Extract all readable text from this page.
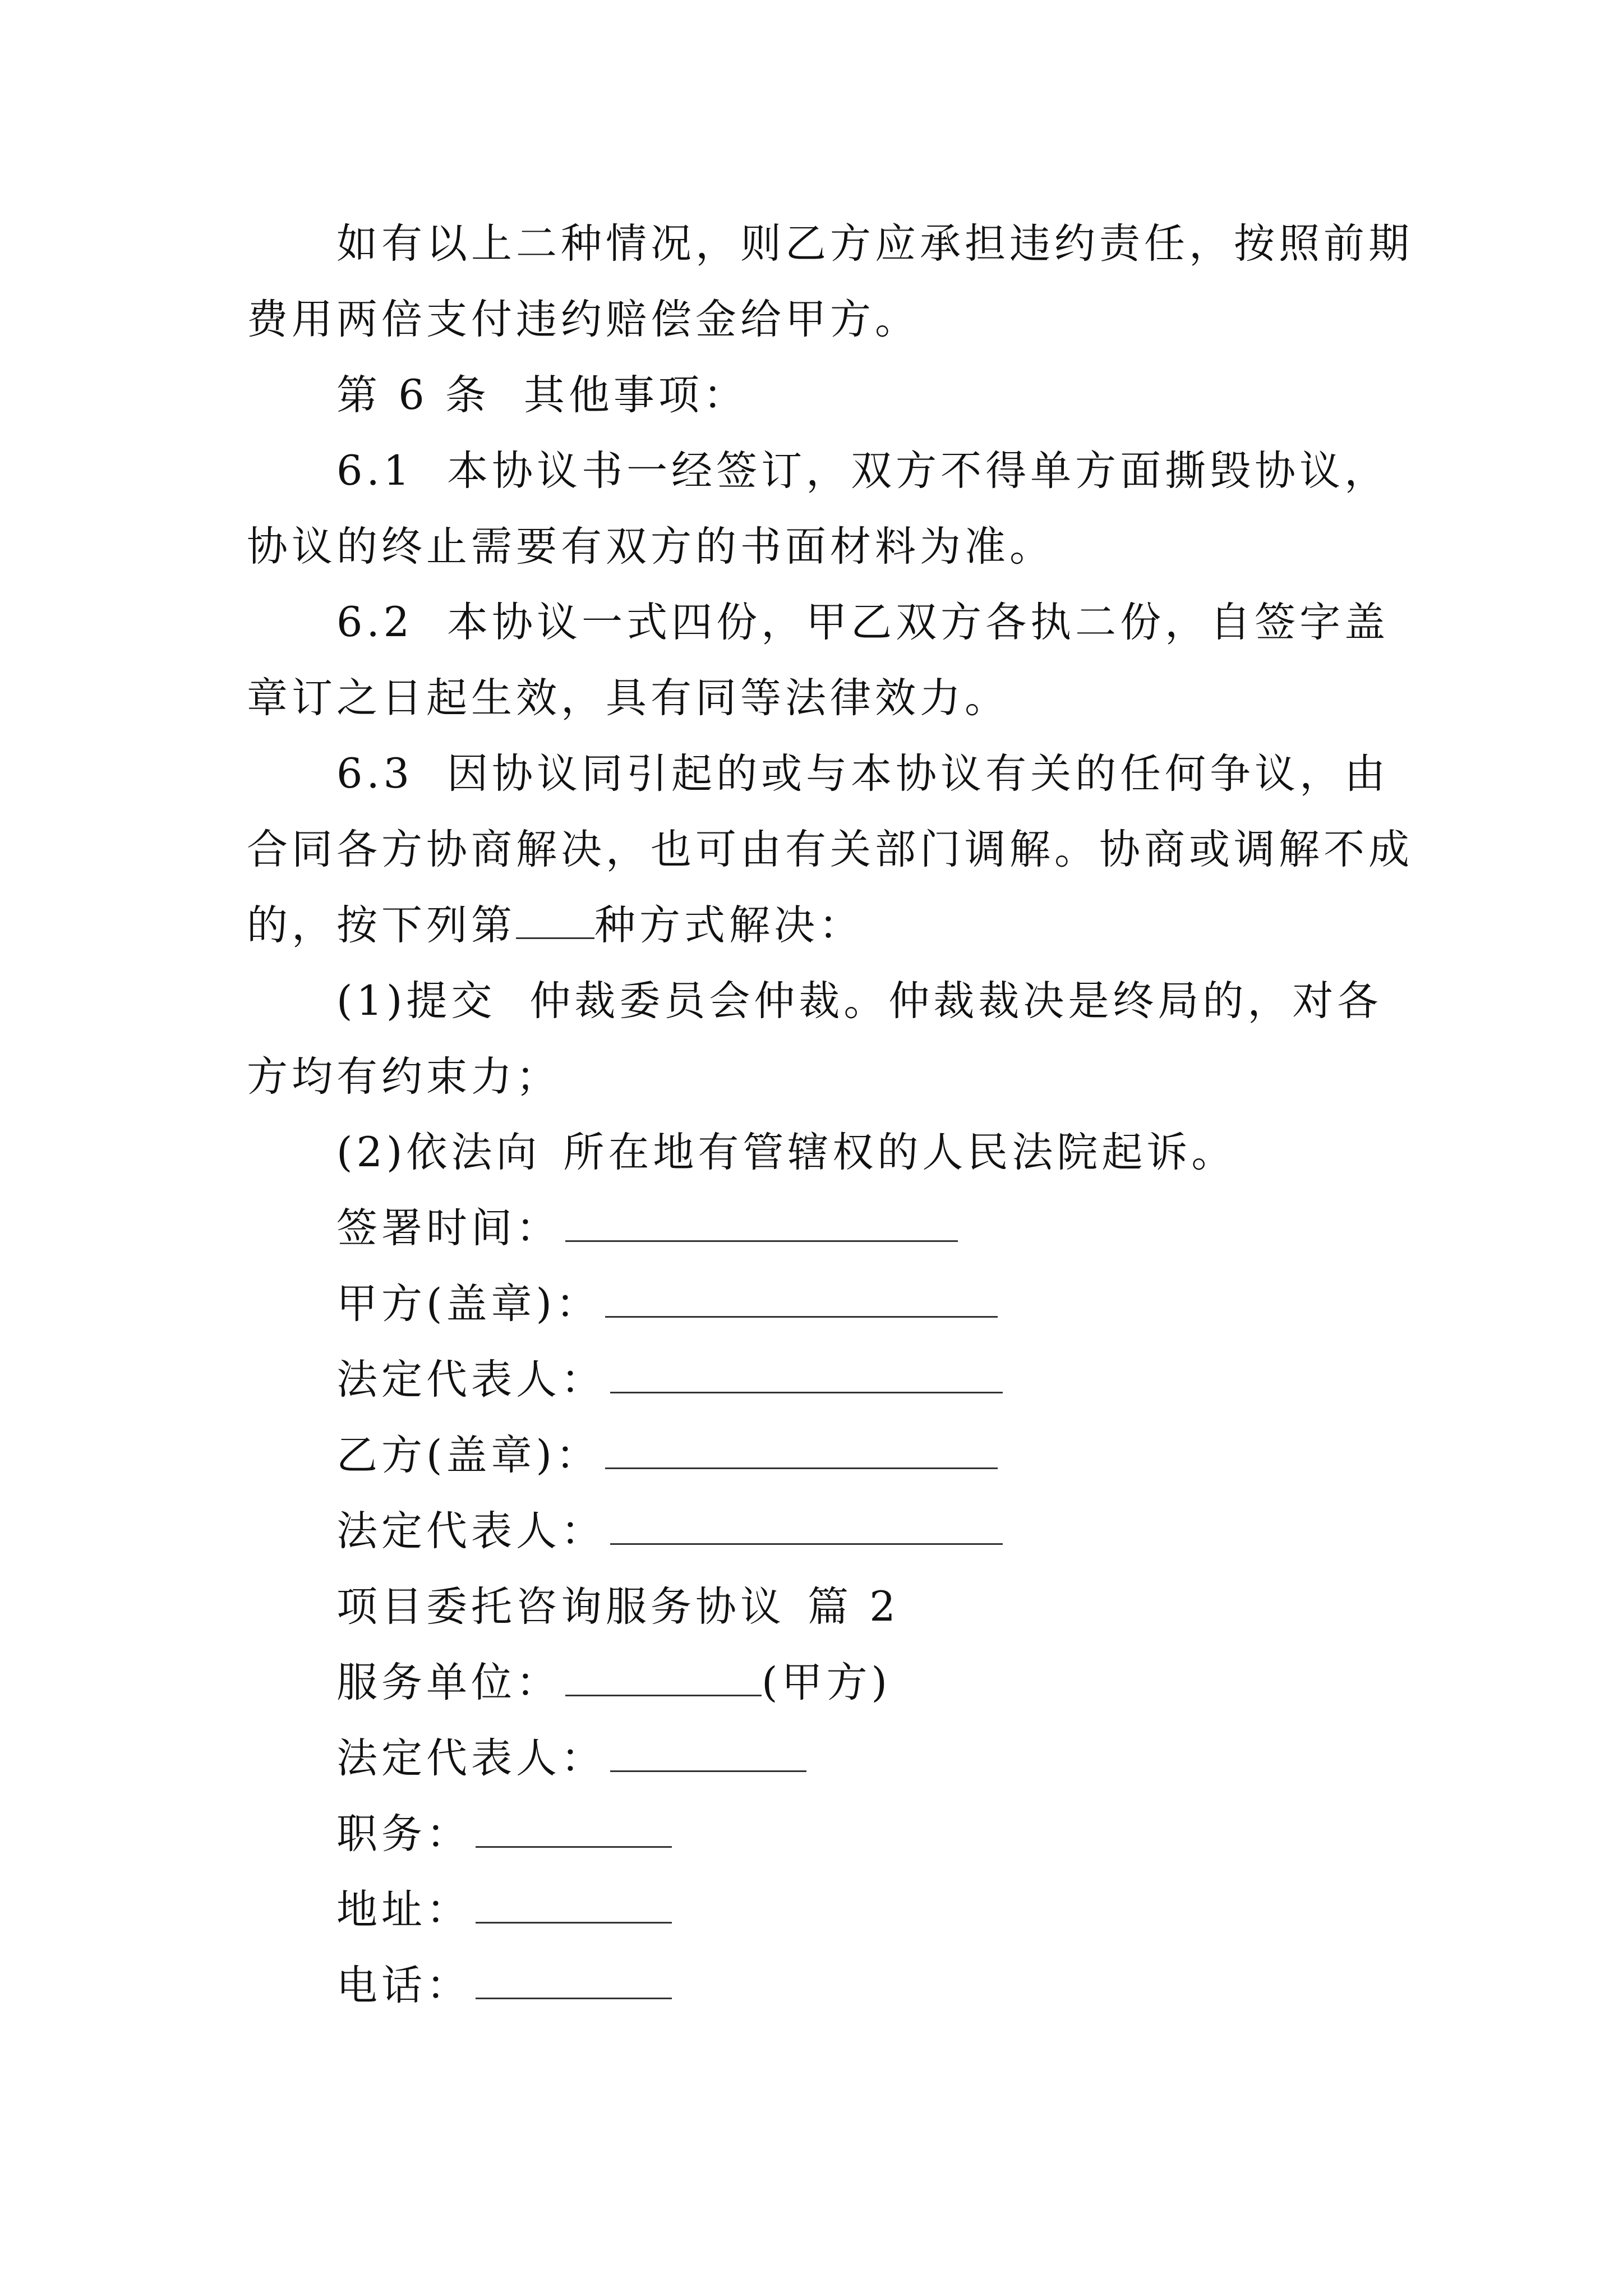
如有以上二种情况，则乙方应承担违约责任，按照前期
费用两倍支付违约赔偿金给甲方。
第 6 条 其他事项：
6.1 本协议书一经签订，双方不得单方面撕毁协议，
协议的终止需要有双方的书面材料为准。
6.2 本协议一式四份，甲乙双方各执二份，自签字盖
章订之日起生效，具有同等法律效力。
6.3 因协议同引起的或与本协议有关的任何争议，由
合同各方协商解决，也可由有关部门调解。协商或调解不成
的，按下列第 种方式解决：
(1)提交 仲裁委员会仲裁。仲裁裁决是终局的，对各
方均有约束力；
(2)依法向 所在地有管辖权的人民法院起诉。
签署时间：
甲方(盖章)：
法定代表人：
乙方(盖章)：
法定代表人：
项目委托咨询服务协议 篇 2
服务单位：	(甲方)
法定代表人：
职务：
地址：
电话：
